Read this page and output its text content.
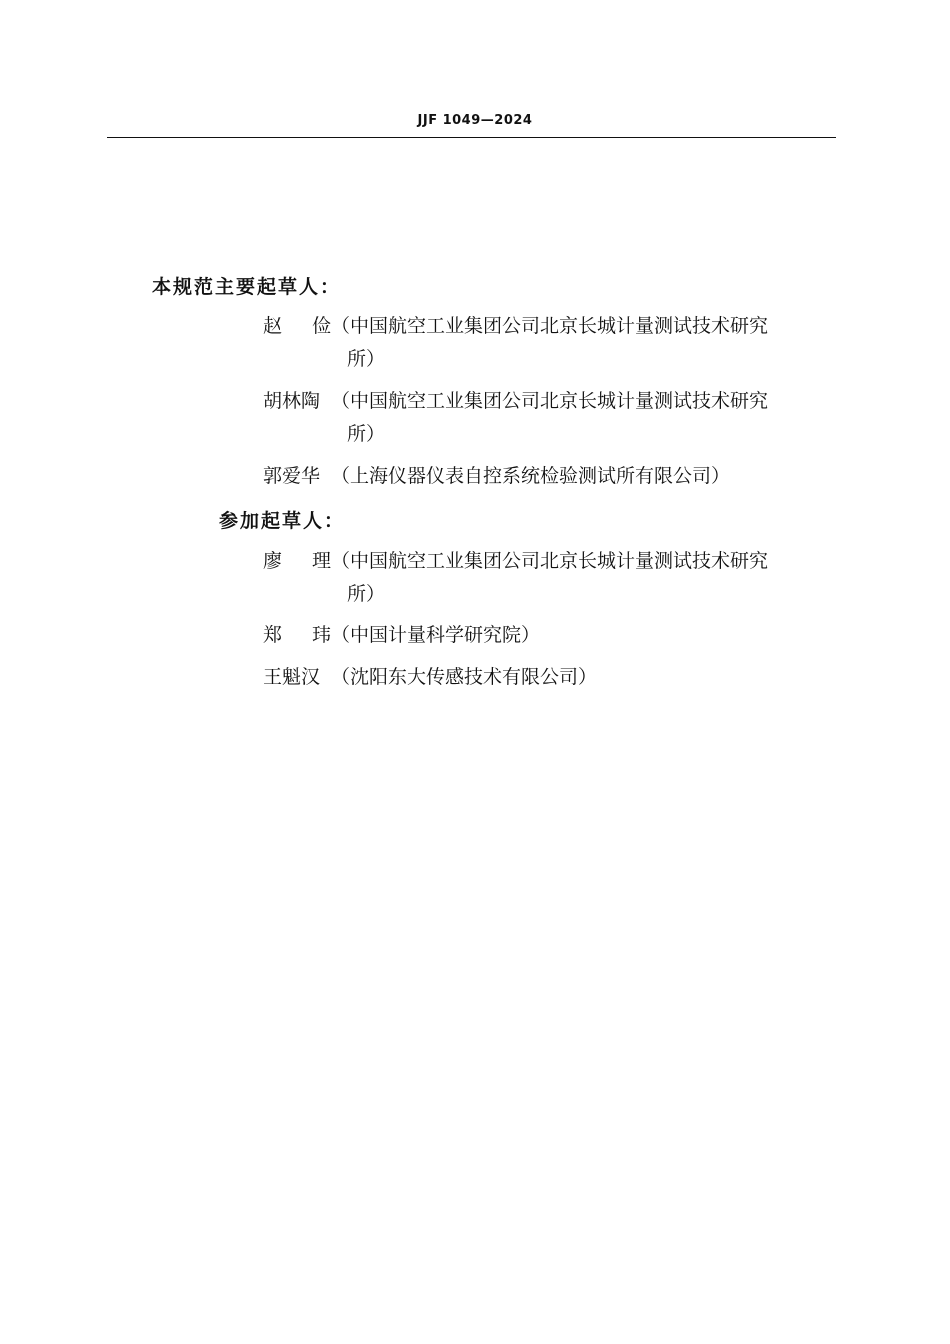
JJF 1049—2024
本规范主要起草人：
赵 俭 （中国航空工业集团公司北京长城计量测试技术研究所）
胡林陶 （中国航空工业集团公司北京长城计量测试技术研究所）
郭爱华 （上海仪器仪表自控系统检验测试所有限公司）
参加起草人：
廖 理 （中国航空工业集团公司北京长城计量测试技术研究所）
郑 玮 （中国计量科学研究院）
王魁汉 （沈阳东大传感技术有限公司）
